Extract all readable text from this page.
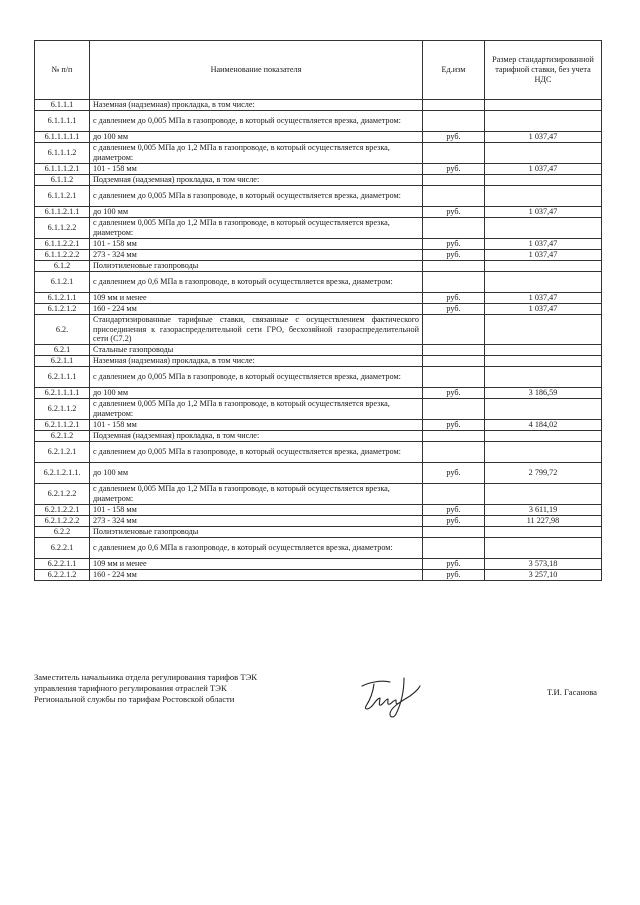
№ п/п	Наименование показателя	Ед.изм	Размер стандартизированной тарифной ставки, без учета НДС
6.1.1.1	Наземная (надземная) прокладка, в том числе:		
6.1.1.1.1	с давлением до 0,005 МПа в газопроводе, в который осуществляется врезка, диаметром:		
6.1.1.1.1.1	до 100 мм	руб.	1 037,47
6.1.1.1.2	с давлением 0,005 МПа до 1,2 МПа в газопроводе, в который осуществляется врезка, диаметром:		
6.1.1.1.2.1	101 - 158 мм	руб.	1 037,47
6.1.1.2	Подземная (надземная) прокладка, в том числе:		
6.1.1.2.1	с давлением до 0,005 МПа в газопроводе, в который осуществляется врезка, диаметром:		
6.1.1.2.1.1	до 100 мм	руб.	1 037,47
6.1.1.2.2	с давлением 0,005 МПа до 1,2 МПа в газопроводе, в который осуществляется врезка, диаметром:		
6.1.1.2.2.1	101 - 158 мм	руб.	1 037,47
6.1.1.2.2.2	273 - 324 мм	руб.	1 037,47
6.1.2	Полиэтиленовые газопроводы		
6.1.2.1	с давлением до 0,6 МПа в газопроводе, в который осуществляется врезка, диаметром:		
6.1.2.1.1	109 мм и менее	руб.	1 037,47
6.1.2.1.2	160 - 224 мм	руб.	1 037,47
6.2.	Стандартизированные тарифные ставки, связанные с осуществлением фактического присоединения к газораспределительной сети ГРО, бесхозяйной газораспределительной сети (С7.2)		
6.2.1	Стальные газопроводы		
6.2.1.1	Наземная (надземная) прокладка, в том числе:		
6.2.1.1.1	с давлением до 0,005 МПа в газопроводе, в который осуществляется врезка, диаметром:		
6.2.1.1.1.1	до 100 мм	руб.	3 186,59
6.2.1.1.2	с давлением 0,005 МПа до 1,2 МПа в газопроводе, в который осуществляется врезка, диаметром:		
6.2.1.1.2.1	101 - 158 мм	руб.	4 184,02
6.2.1.2	Подземная (надземная) прокладка, в том числе:		
6.2.1.2.1	с давлением до 0,005 МПа в газопроводе, в который осуществляется врезка, диаметром:		
6.2.1.2.1.1.	до 100 мм	руб.	2 799,72
6.2.1.2.2	с давлением 0,005 МПа до 1,2 МПа в газопроводе, в который осуществляется врезка, диаметром:		
6.2.1.2.2.1	101 - 158 мм	руб.	3 611,19
6.2.1.2.2.2	273 - 324 мм	руб.	11 227,98
6.2.2	Полиэтиленовые газопроводы		
6.2.2.1	с давлением до 0,6 МПа в газопроводе, в который осуществляется врезка, диаметром:		
6.2.2.1.1	109 мм и менее	руб.	3 573,18
6.2.2.1.2	160 - 224 мм	руб.	3 257,10
Заместитель начальника отдела регулирования тарифов ТЭК
управления тарифного регулирования отраслей ТЭК
Региональной службы по тарифам Ростовской области
Т.И. Гасанова
